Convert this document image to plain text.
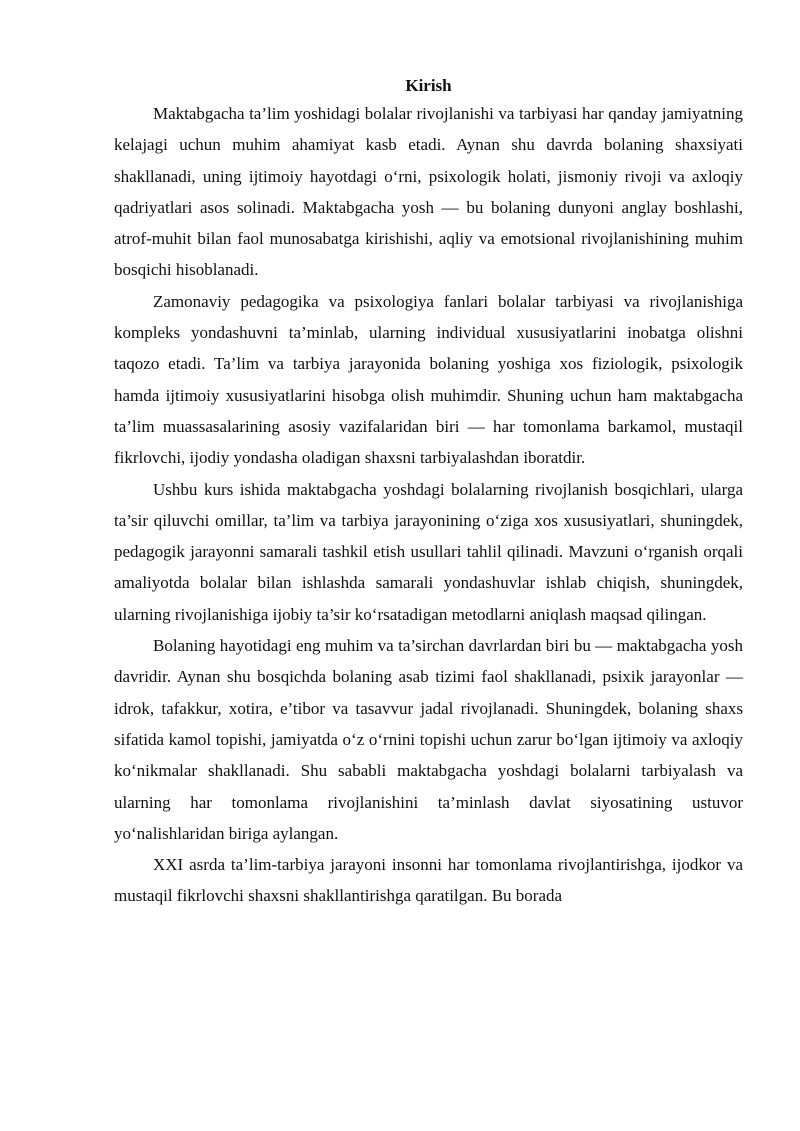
Kirish

Maktabgacha ta’lim yoshidagi bolalar rivojlanishi va tarbiyasi har qanday jamiyatning kelajagi uchun muhim ahamiyat kasb etadi. Aynan shu davrda bolaning shaxsiyati shakllanadi, uning ijtimoiy hayotdagi o‘rni, psixologik holati, jismoniy rivoji va axloqiy qadriyatlari asos solinadi. Maktabgacha yosh — bu bolaning dunyoni anglay boshlashi, atrof-muhit bilan faol munosabatga kirishishi, aqliy va emotsional rivojlanishining muhim bosqichi hisoblanadi.

Zamonaviy pedagogika va psixologiya fanlari bolalar tarbiyasi va rivojlanishiga kompleks yondashuvni ta’minlab, ularning individual xususiyatlarini inobatga olishni taqozo etadi. Ta’lim va tarbiya jarayonida bolaning yoshiga xos fiziologik, psixologik hamda ijtimoiy xususiyatlarini hisobga olish muhimdir. Shuning uchun ham maktabgacha ta’lim muassasalarining asosiy vazifalaridan biri — har tomonlama barkamol, mustaqil fikrlovchi, ijodiy yondasha oladigan shaxsni tarbiyalashdan iboratdir.

Ushbu kurs ishida maktabgacha yoshdagi bolalarning rivojlanish bosqichlari, ularga ta’sir qiluvchi omillar, ta’lim va tarbiya jarayonining o‘ziga xos xususiyatlari, shuningdek, pedagogik jarayonni samarali tashkil etish usullari tahlil qilinadi. Mavzuni o‘rganish orqali amaliyotda bolalar bilan ishlashda samarali yondashuvlar ishlab chiqish, shuningdek, ularning rivojlanishiga ijobiy ta’sir ko‘rsatadigan metodlarni aniqlash maqsad qilingan.

Bolaning hayotidagi eng muhim va ta’sirchan davrlardan biri bu — maktabgacha yosh davridir. Aynan shu bosqichda bolaning asab tizimi faol shakllanadi, psixik jarayonlar — idrok, tafakkur, xotira, e’tibor va tasavvur jadal rivojlanadi. Shuningdek, bolaning shaxs sifatida kamol topishi, jamiyatda o‘z o‘rnini topishi uchun zarur bo‘lgan ijtimoiy va axloqiy ko‘nikmalar shakllanadi. Shu sababli maktabgacha yoshdagi bolalarni tarbiyalash va ularning har tomonlama rivojlanishini ta’minlash davlat siyosatining ustuvor yo‘nalishlaridan biriga aylangan.

XXI asrda ta’lim-tarbiya jarayoni insonni har tomonlama rivojlantirishga, ijodkor va mustaqil fikrlovchi shaxsni shakllantirishga qaratilgan. Bu borada
